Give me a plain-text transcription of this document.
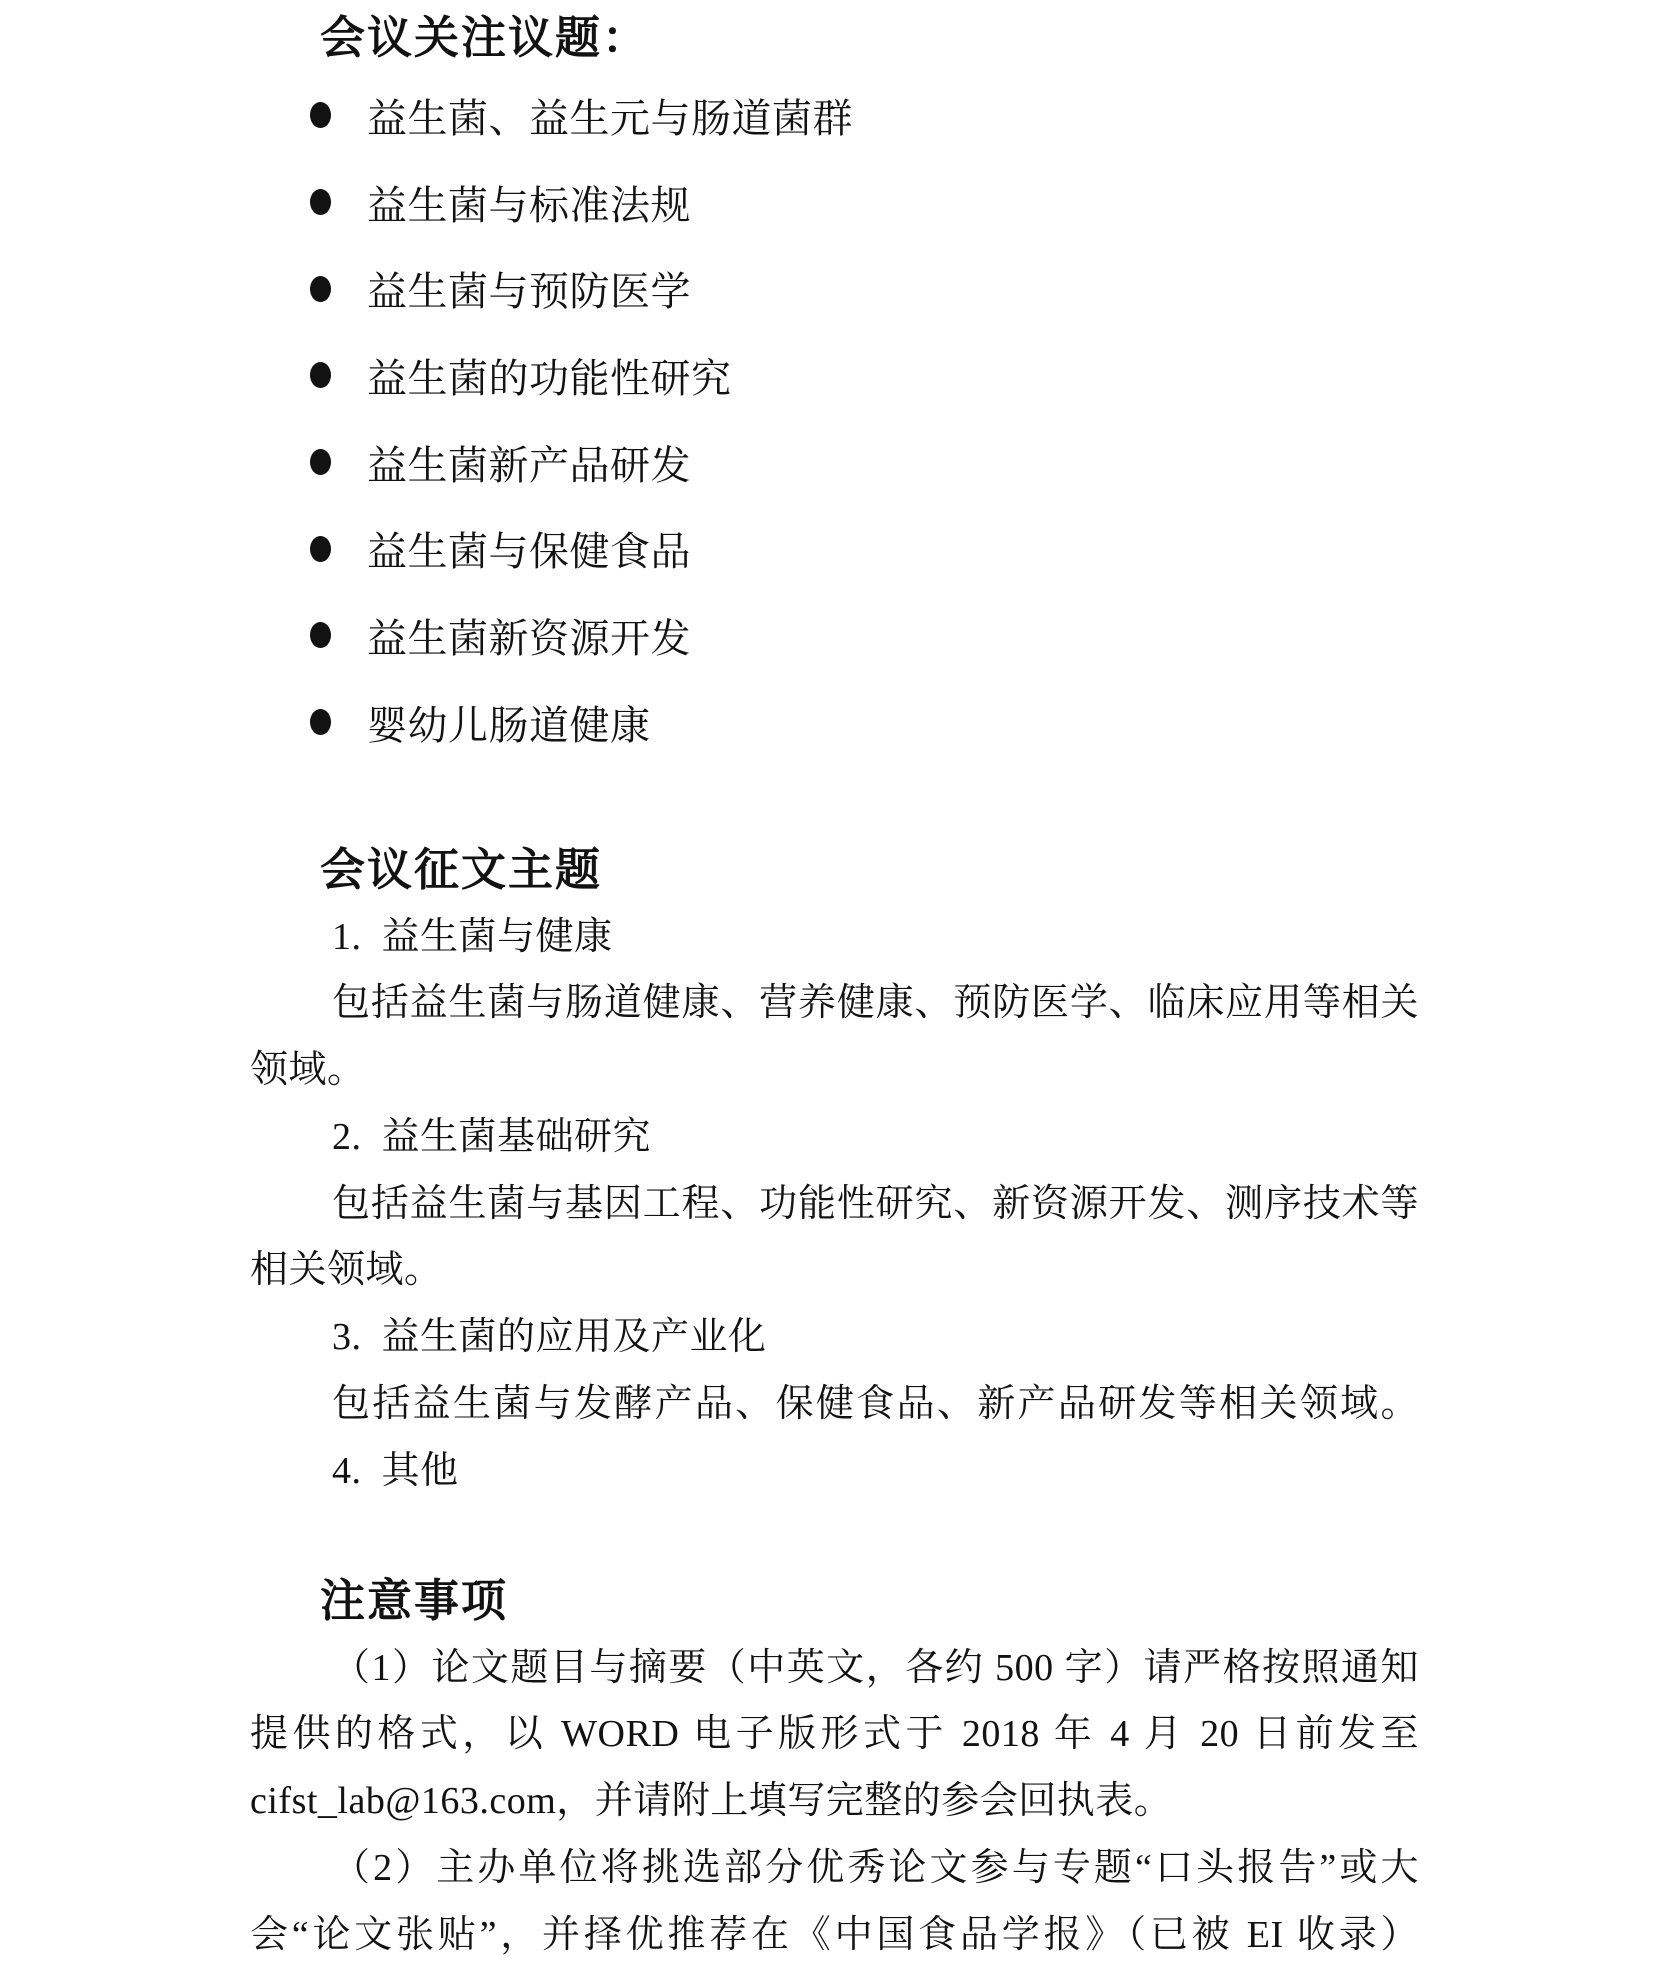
会议关注议题：
益生菌、益生元与肠道菌群
益生菌与标准法规
益生菌与预防医学
益生菌的功能性研究
益生菌新产品研发
益生菌与保健食品
益生菌新资源开发
婴幼儿肠道健康
会议征文主题
1.  益生菌与健康
包括益生菌与肠道健康、营养健康、预防医学、临床应用等相关
领域。
2.  益生菌基础研究
包括益生菌与基因工程、功能性研究、新资源开发、测序技术等
相关领域。
3.  益生菌的应用及产业化
包括益生菌与发酵产品、保健食品、新产品研发等相关领域。
4.  其他
注意事项
（1）论文题目与摘要（中英文，各约 500 字）请严格按照通知
提供的格式，以 WORD 电子版形式于 2018 年 4 月 20 日前发至
cifst_lab@163.com，并请附上填写完整的参会回执表。
（2）主办单位将挑选部分优秀论文参与专题“口头报告”或大
会“论文张贴”，并择优推荐在《中国食品学报》（已被 EI 收录）
